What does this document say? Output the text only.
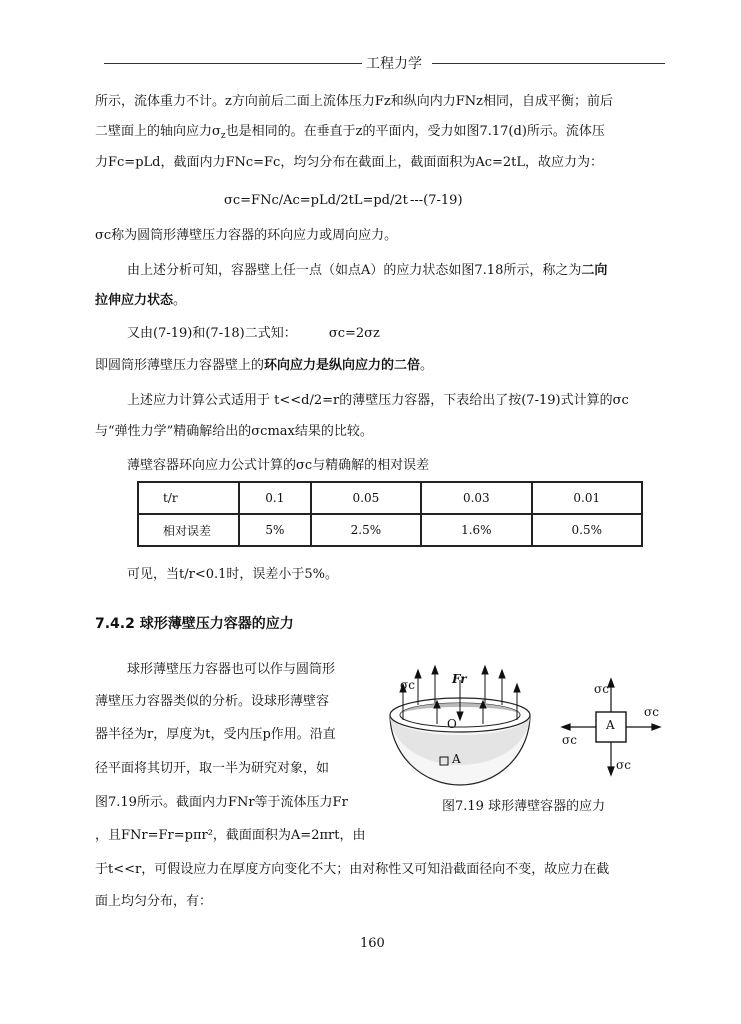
工程力学
所示，流体重力不计。z方向前后二面上流体压力Fz和纵向内力FNz相同，自成平衡；前后
二壁面上的轴向应力$\sigma_z$也是相同的。在垂直于z的平面内，受力如图7.17(d)所示。流体压
力Fc=pLd，截面内力FNc=Fc，均匀分布在截面上，截面面积为Ac=2tL，故应力为：
σc=FNc/Ac=pLd/2tL=pd/2t ---(7-19)
σc称为圆筒形薄壁压力容器的环向应力或周向应力。
由上述分析可知，容器壁上任一点（如点A）的应力状态如图7.18所示，称之为二向
拉伸应力状态。
又由(7-19)和(7-18)二式知： σc=2σz
即圆筒形薄壁压力容器壁上的环向应力是纵向应力的二倍。
上述应力计算公式适用于 t<<d/2=r的薄壁压力容器，下表给出了按(7-19)式计算的σc
与“弹性力学”精确解给出的σcmax结果的比较。
薄壁容器环向应力公式计算的σc与精确解的相对误差
t/r	0.1	0.05	0.03	0.01
相对误差	5%	2.5%	1.6%	0.5%
可见，当t/r<0.1时，误差小于5%。
7.4.2 球形薄壁压力容器的应力
球形薄壁压力容器也可以作与圆筒形
薄壁压力容器类似的分析。设球形薄壁容
器半径为r，厚度为t，受内压p作用。沿直
径平面将其切开，取一半为研究对象，如
图7.19所示。截面内力FNr等于流体压力Fr
，且FNr=Fr=pπr²，截面面积为A=2πrt，由
σc	Fr
O
A
A
σc
σc
σc
σc
图7.19 球形薄壁容器的应力
于t<<r，可假设应力在厚度方向变化不大；由对称性又可知沿截面径向不变，故应力在截
面上均匀分布，有：
160
